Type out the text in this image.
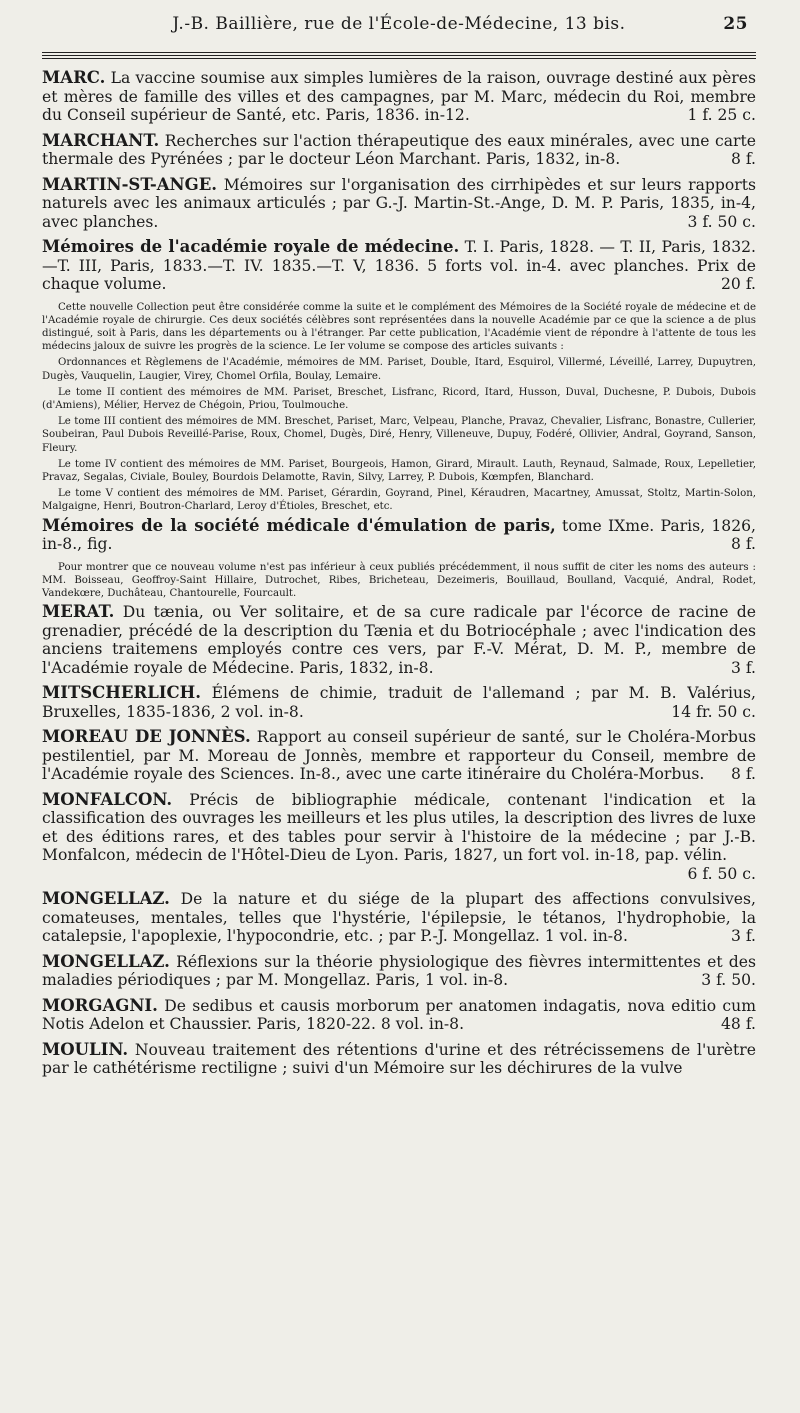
J.-B. Baillière, rue de l'École-de-Médecine, 13 bis.	25

MARC. La vaccine soumise aux simples lumières de la raison, ouvrage destiné aux pères et mères de famille des villes et des campagnes, par M. Marc, médecin du Roi, membre du Conseil supérieur de Santé, etc. Paris, 1836. in-12.	1 f. 25 c.

MARCHANT. Recherches sur l'action thérapeutique des eaux minérales, avec une carte thermale des Pyrénées ; par le docteur Léon Marchant. Paris, 1832, in-8.	8 f.

MARTIN-ST-ANGE. Mémoires sur l'organisation des cirrhipèdes et sur leurs rapports naturels avec les animaux articulés ; par G.-J. Martin-St.-Ange, D. M. P. Paris, 1835, in-4, avec planches.	3 f. 50 c.

Mémoires de l'académie royale de médecine. T. I. Paris, 1828. — T. II, Paris, 1832. —T. III, Paris, 1833.—T. IV. 1835.—T. V, 1836. 5 forts vol. in-4. avec planches. Prix de chaque volume.	20 f.

Cette nouvelle Collection peut être considérée comme la suite et le complément des Mémoires de la Société royale de médecine et de l'Académie royale de chirurgie. Ces deux sociétés célèbres sont représentées dans la nouvelle Académie par ce que la science a de plus distingué, soit à Paris, dans les départements ou à l'étranger. Par cette publication, l'Académie vient de répondre à l'attente de tous les médecins jaloux de suivre les progrès de la science. Le Ier volume se compose des articles suivants :

Ordonnances et Règlemens de l'Académie, mémoires de MM. Pariset, Double, Itard, Esquirol, Villermé, Léveillé, Larrey, Dupuytren, Dugès, Vauquelin, Laugier, Virey, Chomel Orfila, Boulay, Lemaire.

Le tome II contient des mémoires de MM. Pariset, Breschet, Lisfranc, Ricord, Itard, Husson, Duval, Duchesne, P. Dubois, Dubois (d'Amiens), Mélier, Hervez de Chégoin, Priou, Toulmouche.

Le tome III contient des mémoires de MM. Breschet, Pariset, Marc, Velpeau, Planche, Pravaz, Chevalier, Lisfranc, Bonastre, Cullerier, Soubeiran, Paul Dubois Reveillé-Parise, Roux, Chomel, Dugès, Diré, Henry, Villeneuve, Dupuy, Fodéré, Ollivier, Andral, Goyrand, Sanson, Fleury.

Le tome IV contient des mémoires de MM. Pariset, Bourgeois, Hamon, Girard, Mirault. Lauth, Reynaud, Salmade, Roux, Lepelletier, Pravaz, Segalas, Civiale, Bouley, Bourdois Delamotte, Ravin, Silvy, Larrey, P. Dubois, Kœmpfen, Blanchard.

Le tome V contient des mémoires de MM. Pariset, Gérardin, Goyrand, Pinel, Kéraudren, Macartney, Amussat, Stoltz, Martin-Solon, Malgaigne, Henri, Boutron-Charlard, Leroy d'Étioles, Breschet, etc.

Mémoires de la société médicale d'émulation de paris, tome IXme. Paris, 1826, in-8., fig.	8 f.

Pour montrer que ce nouveau volume n'est pas inférieur à ceux publiés précédemment, il nous suffit de citer les noms des auteurs : MM. Boisseau, Geoffroy-Saint Hillaire, Dutrochet, Ribes, Bricheteau, Dezeimeris, Bouillaud, Boulland, Vacquié, Andral, Rodet, Vandekœre, Duchâteau, Chantourelle, Fourcault.

MERAT. Du tænia, ou Ver solitaire, et de sa cure radicale par l'écorce de racine de grenadier, précédé de la description du Tænia et du Botriocéphale ; avec l'indication des anciens traitemens employés contre ces vers, par F.-V. Mérat, D. M. P., membre de l'Académie royale de Médecine. Paris, 1832, in-8.	3 f.

MITSCHERLICH. Élémens de chimie, traduit de l'allemand ; par M. B. Valérius, Bruxelles, 1835-1836, 2 vol. in-8.	14 fr. 50 c.

MOREAU DE JONNÈS. Rapport au conseil supérieur de santé, sur le Choléra-Morbus pestilentiel, par M. Moreau de Jonnès, membre et rapporteur du Conseil, membre de l'Académie royale des Sciences. In-8., avec une carte itinéraire du Choléra-Morbus.	8 f.

MONFALCON. Précis de bibliographie médicale, contenant l'indication et la classification des ouvrages les meilleurs et les plus utiles, la description des livres de luxe et des éditions rares, et des tables pour servir à l'histoire de la médecine ; par J.-B. Monfalcon, médecin de l'Hôtel-Dieu de Lyon. Paris, 1827, un fort vol. in-18, pap. vélin.
6 f. 50 c.

MONGELLAZ. De la nature et du siége de la plupart des affections convulsives, comateuses, mentales, telles que l'hystérie, l'épilepsie, le tétanos, l'hydrophobie, la catalepsie, l'apoplexie, l'hypocondrie, etc. ; par P.-J. Mongellaz. 1 vol. in-8.	3 f.

MONGELLAZ. Réflexions sur la théorie physiologique des fièvres intermittentes et des maladies périodiques ; par M. Mongellaz. Paris, 1 vol. in-8.	3 f. 50.

MORGAGNI. De sedibus et causis morborum per anatomen indagatis, nova editio cum Notis Adelon et Chaussier. Paris, 1820-22. 8 vol. in-8.	48 f.

MOULIN. Nouveau traitement des rétentions d'urine et des rétrécissemens de l'urètre par le cathétérisme rectiligne ; suivi d'un Mémoire sur les déchirures de la vulve
